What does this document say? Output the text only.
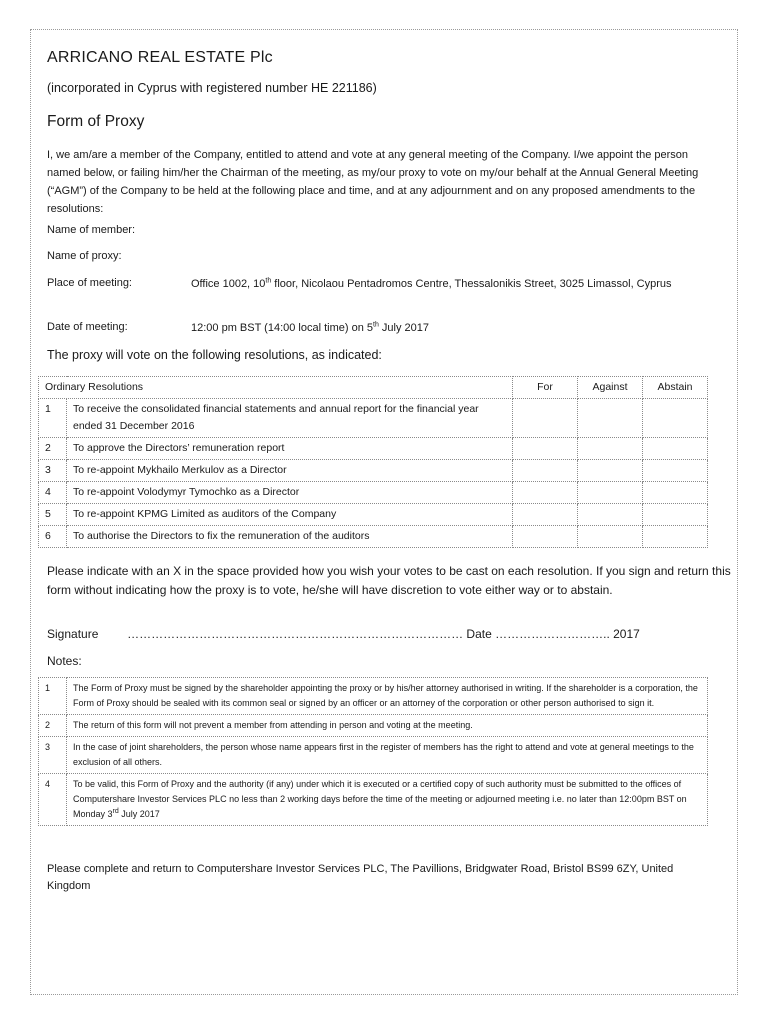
ARRICANO REAL ESTATE Plc

(incorporated in Cyprus with registered number HE 221186)

Form of Proxy

I, we am/are a member of the Company, entitled to attend and vote at any general meeting of the Company. I/we appoint the person named below, or failing him/her the Chairman of the meeting, as my/our proxy to vote on my/our behalf at the Annual General Meeting (“AGM”) of the Company to be held at the following place and time, and at any adjournment and on any proposed amendments to the resolutions:

Name of member:

Name of proxy:

Place of meeting:	Office 1002, 10th floor, Nicolaou Pentadromos Centre, Thessalonikis Street, 3025 Limassol, Cyprus

Date of meeting:	12:00 pm BST (14:00 local time) on 5th July 2017

The proxy will vote on the following resolutions, as indicated:

Ordinary Resolutions		For	Against	Abstain
1	To receive the consolidated financial statements and annual report for the financial year ended 31 December 2016			
2	To approve the Directors’ remuneration report			
3	To re-appoint Mykhailo Merkulov as a Director			
4	To re-appoint Volodymyr Tymochko as a Director			
5	To re-appoint KPMG Limited as auditors of the Company			
6	To authorise the Directors to fix the remuneration of the auditors			

Please indicate with an X in the space provided how you wish your votes to be cast on each resolution. If you sign and return this form without indicating how the proxy is to vote, he/she will have discretion to vote either way or to abstain.

Signature ………………………………………………………………………… Date ……………………….. 2017

Notes:

1	The Form of Proxy must be signed by the shareholder appointing the proxy or by his/her attorney authorised in writing. If the shareholder is a corporation, the Form of Proxy should be sealed with its common seal or signed by an officer or an attorney of the corporation or other person authorised to sign it.
2	The return of this form will not prevent a member from attending in person and voting at the meeting.
3	In the case of joint shareholders, the person whose name appears first in the register of members has the right to attend and vote at general meetings to the exclusion of all others.
4	To be valid, this Form of Proxy and the authority (if any) under which it is executed or a certified copy of such authority must be submitted to the offices of Computershare Investor Services PLC no less than 2 working days before the time of the meeting or adjourned meeting i.e. no later than 12:00pm BST on Monday 3rd July 2017

Please complete and return to Computershare Investor Services PLC, The Pavillions, Bridgwater Road, Bristol BS99 6ZY, United Kingdom
